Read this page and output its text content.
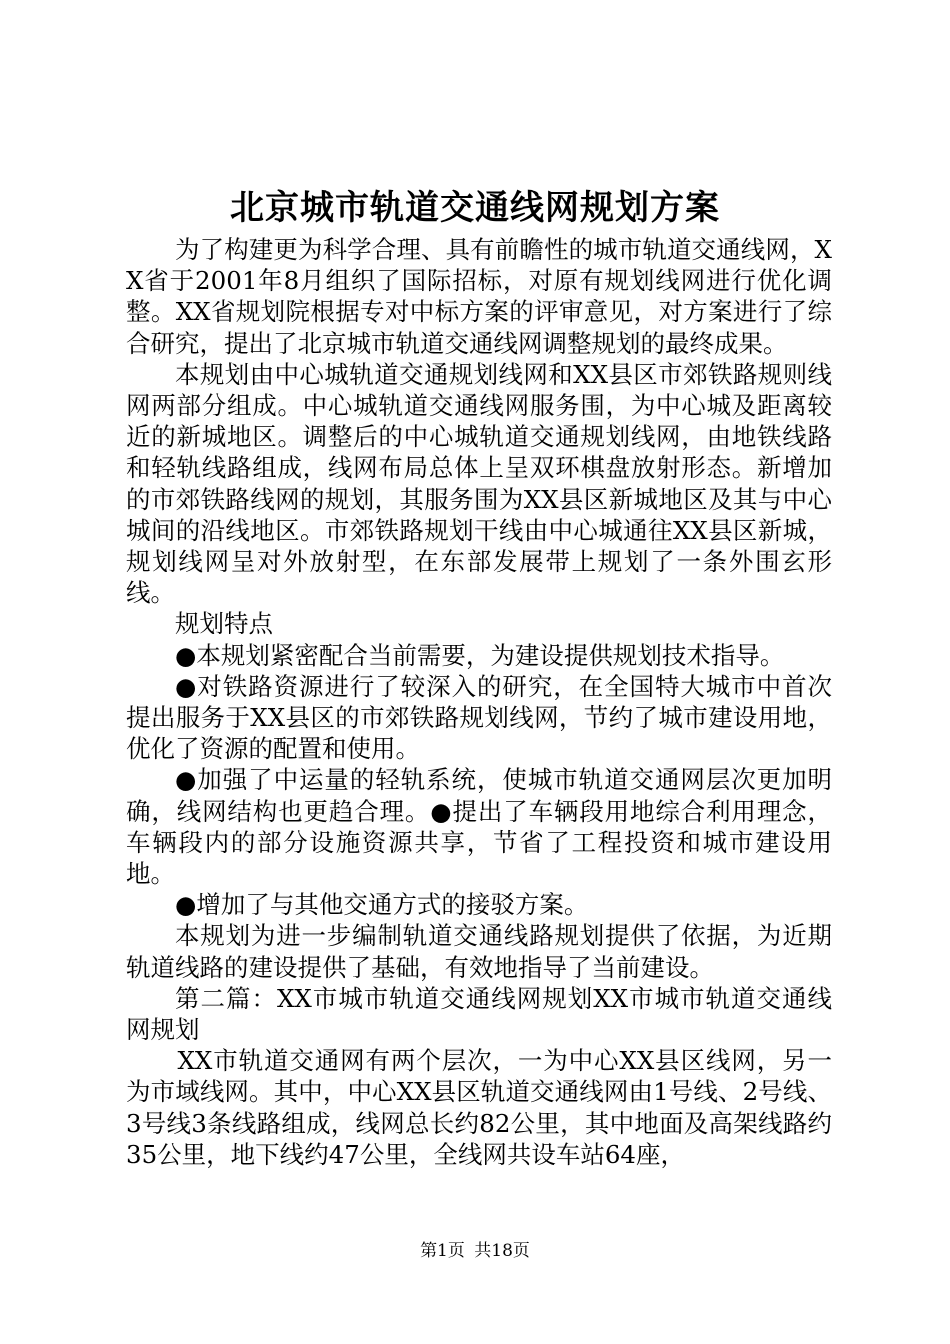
北京城市轨道交通线网规划方案

为了构建更为科学合理、具有前瞻性的城市轨道交通线网，XX省于2001年8月组织了国际招标，对原有规划线网进行优化调整。XX省规划院根据专对中标方案的评审意见，对方案进行了综合研究，提出了北京城市轨道交通线网调整规划的最终成果。

本规划由中心城轨道交通规划线网和XX县区市郊铁路规则线网两部分组成。中心城轨道交通线网服务围，为中心城及距离较近的新城地区。调整后的中心城轨道交通规划线网，由地铁线路和轻轨线路组成，线网布局总体上呈双环棋盘放射形态。新增加的市郊铁路线网的规划，其服务围为XX县区新城地区及其与中心城间的沿线地区。市郊铁路规划干线由中心城通往XX县区新城，规划线网呈对外放射型，在东部发展带上规划了一条外围玄形线。

规划特点

●本规划紧密配合当前需要，为建设提供规划技术指导。

●对铁路资源进行了较深入的研究，在全国特大城市中首次提出服务于XX县区的市郊铁路规划线网，节约了城市建设用地，优化了资源的配置和使用。

●加强了中运量的轻轨系统，使城市轨道交通网层次更加明确，线网结构也更趋合理。●提出了车辆段用地综合利用理念，车辆段内的部分设施资源共享，节省了工程投资和城市建设用地。

●增加了与其他交通方式的接驳方案。

本规划为进一步编制轨道交通线路规划提供了依据，为近期轨道线路的建设提供了基础，有效地指导了当前建设。

第二篇：XX市城市轨道交通线网规划XX市城市轨道交通线网规划

XX市轨道交通网有两个层次，一为中心XX县区线网，另一为市域线网。其中，中心XX县区轨道交通线网由1号线、2号线、3号线3条线路组成，线网总长约82公里，其中地面及高架线路约35公里，地下线约47公里，全线网共设车站64座，

第1页 共18页
